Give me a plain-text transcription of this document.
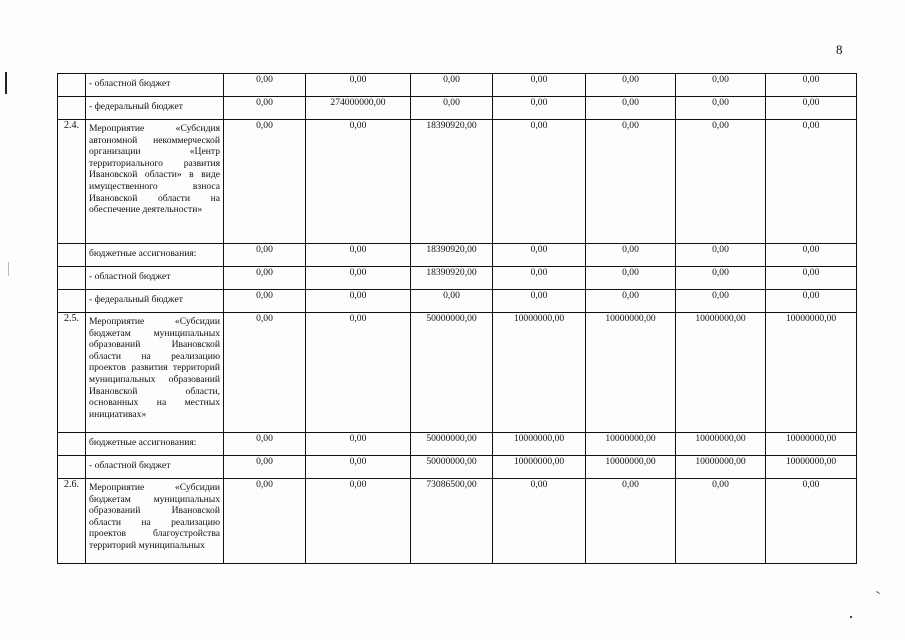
8
	- областной бюджет	0,00	0,00	0,00	0,00	0,00	0,00	0,00
	- федеральный бюджет	0,00	274000000,00	0,00	0,00	0,00	0,00	0,00
2.4.	Мероприятие «Субсидия автономной некоммерческой организации «Центр территориального развития Ивановской области» в виде имущественного взноса Ивановской области на обеспечение деятельности»	0,00	0,00	18390920,00	0,00	0,00	0,00	0,00
	бюджетные ассигнования:	0,00	0,00	18390920,00	0,00	0,00	0,00	0,00
	- областной бюджет	0,00	0,00	18390920,00	0,00	0,00	0,00	0,00
	- федеральный бюджет	0,00	0,00	0,00	0,00	0,00	0,00	0,00
2.5.	Мероприятие «Субсидии бюджетам муниципальных образований Ивановской области на реализацию проектов развития территорий муниципальных образований Ивановской области, основанных на местных инициативах»	0,00	0,00	50000000,00	10000000,00	10000000,00	10000000,00	10000000,00
	бюджетные ассигнования:	0,00	0,00	50000000,00	10000000,00	10000000,00	10000000,00	10000000,00
	- областной бюджет	0,00	0,00	50000000,00	10000000,00	10000000,00	10000000,00	10000000,00
2.6.	Мероприятие «Субсидии бюджетам муниципальных образований Ивановской области на реализацию проектов благоустройства территорий муниципальных	0,00	0,00	73086500,00	0,00	0,00	0,00	0,00
